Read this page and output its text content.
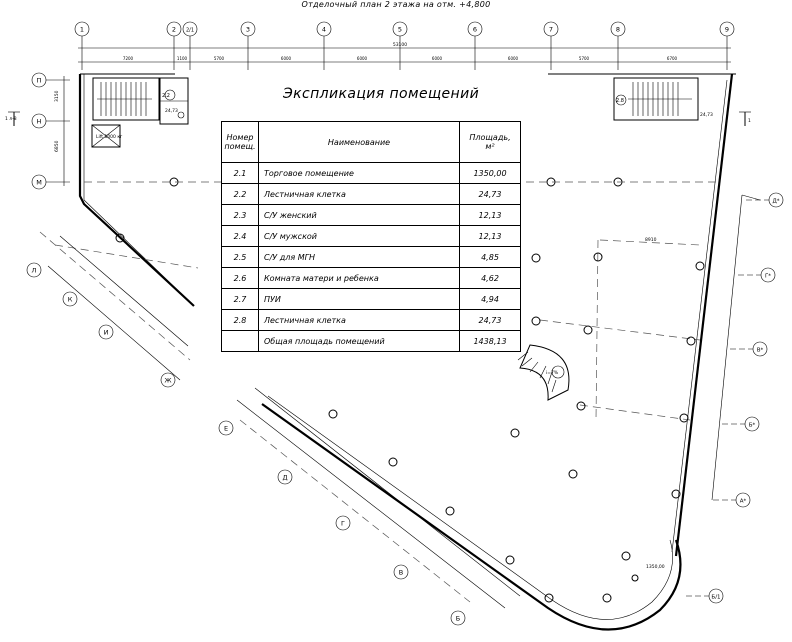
Отделочный план 2 этажа на отм. +4,800
1	2 2/1	3	4	5	6	7	8	9
7200	1100	5700	6000	6000	6000	6000	5700	6700
П
Н
М
Л
К
И
Ж
Д*
Г*
В*
Б*
А*
Б/1
Е
Д
Г
В
Б
24,73
24,73
Lift 1000 кг
2.2
2.8
8910
1350,00
i=7%
1 л-8	1
3150
6850
53100
Экспликация помещений
Номер помещ.	Наименование	Площадь, м²
2.1	Торговое помещение	1350,00
2.2	Лестничная клетка	24,73
2.3	С/У женский	12,13
2.4	С/У мужской	12,13
2.5	С/У для МГН	4,85
2.6	Комната матери и ребенка	4,62
2.7	ПУИ	4,94
2.8	Лестничная клетка	24,73
	Общая площадь помещений	1438,13
